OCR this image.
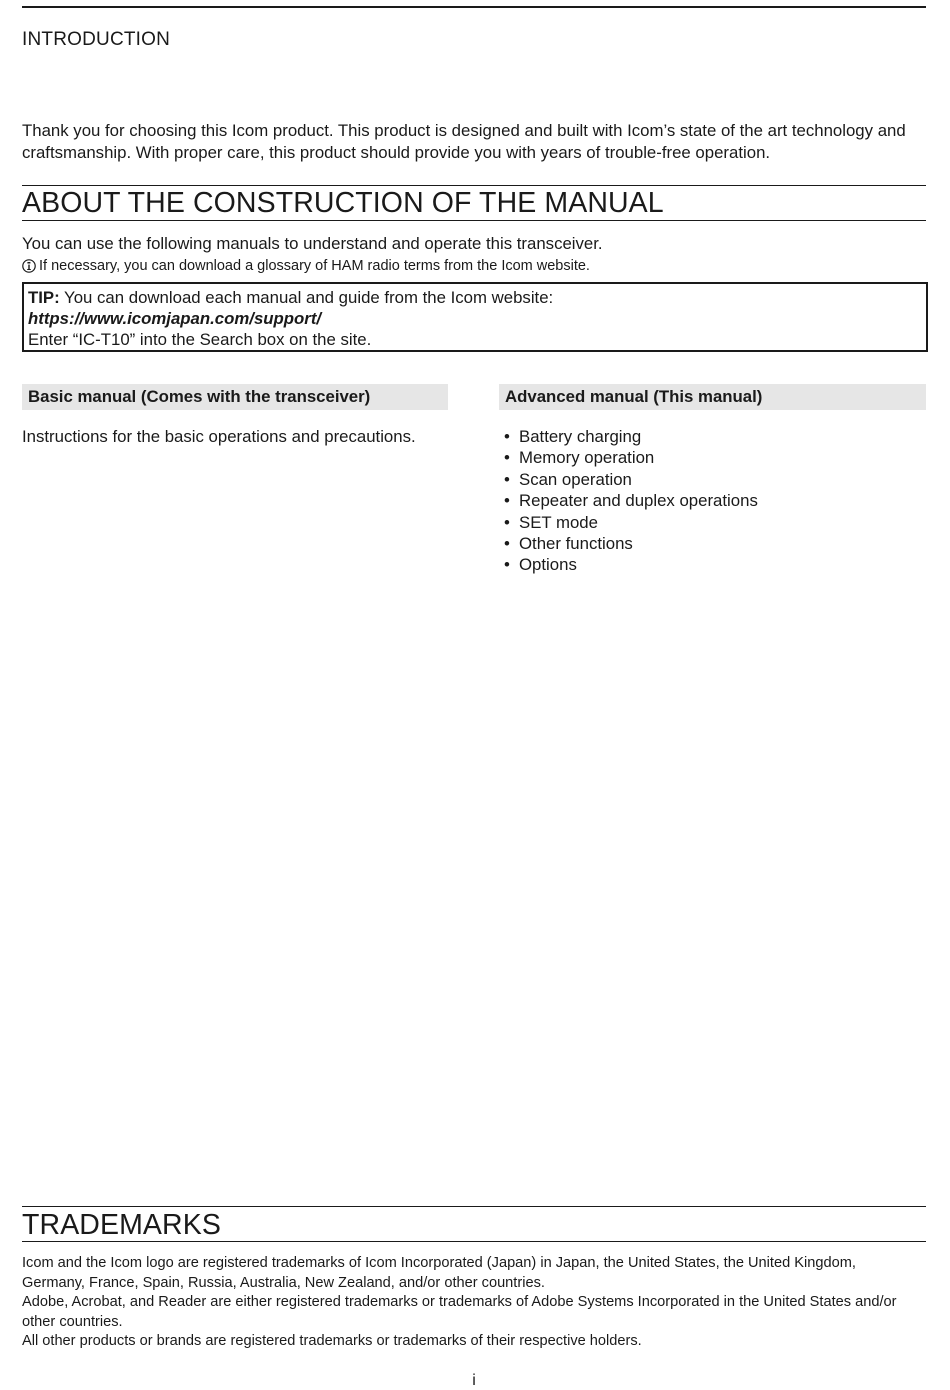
INTRODUCTION
Thank you for choosing this Icom product. This product is designed and built with Icom’s state of the art technology and craftsmanship. With proper care, this product should provide you with years of trouble-free operation.
ABOUT THE CONSTRUCTION OF THE MANUAL
You can use the following manuals to understand and operate this transceiver.
If necessary, you can download a glossary of HAM radio terms from the Icom website.
TIP: You can download each manual and guide from the Icom website:
https://www.icomjapan.com/support/
Enter “IC-T10” into the Search box on the site.
Basic manual (Comes with the transceiver)	Advanced manual (This manual)
Instructions for the basic operations and precautions.	• Battery charging
• Memory operation
• Scan operation
• Repeater and duplex operations
• SET mode
• Other functions
• Options
TRADEMARKS
Icom and the Icom logo are registered trademarks of Icom Incorporated (Japan) in Japan, the United States, the United Kingdom, Germany, France, Spain, Russia, Australia, New Zealand, and/or other countries.
Adobe, Acrobat, and Reader are either registered trademarks or trademarks of Adobe Systems Incorporated in the United States and/or other countries.
All other products or brands are registered trademarks or trademarks of their respective holders.
i
